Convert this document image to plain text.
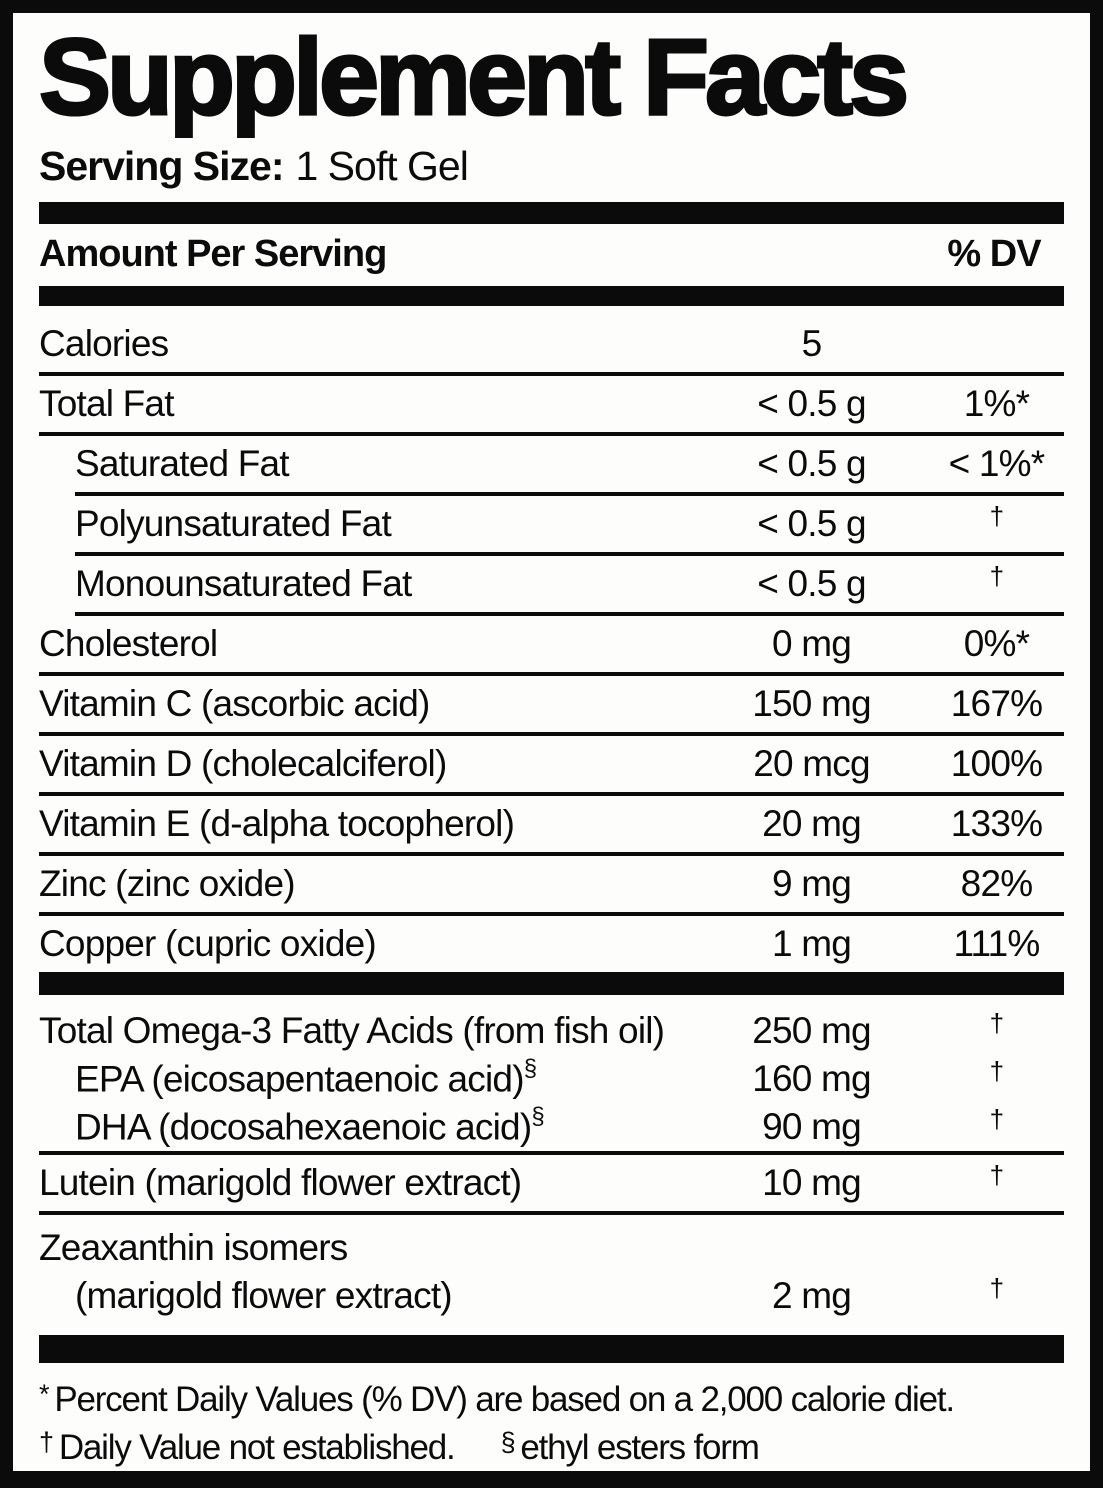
Supplement Facts
Serving Size: 1 Soft Gel
Amount Per Serving	% DV
Calories	5
Total Fat	< 0.5 g	1%*
Saturated Fat	< 0.5 g	< 1%*
Polyunsaturated Fat	< 0.5 g	†
Monounsaturated Fat	< 0.5 g	†
Cholesterol	0 mg	0%*
Vitamin C (ascorbic acid)	150 mg	167%
Vitamin D (cholecalciferol)	20 mcg	100%
Vitamin E (d-alpha tocopherol)	20 mg	133%
Zinc (zinc oxide)	9 mg	82%
Copper (cupric oxide)	1 mg	111%
Total Omega-3 Fatty Acids (from fish oil)	250 mg	†
EPA (eicosapentaenoic acid)§	160 mg	†
DHA (docosahexaenoic acid)§	90 mg	†
Lutein (marigold flower extract)	10 mg	†
Zeaxanthin isomers
(marigold flower extract)	2 mg	†
* Percent Daily Values (% DV) are based on a 2,000 calorie diet.
† Daily Value not established. § ethyl esters form
